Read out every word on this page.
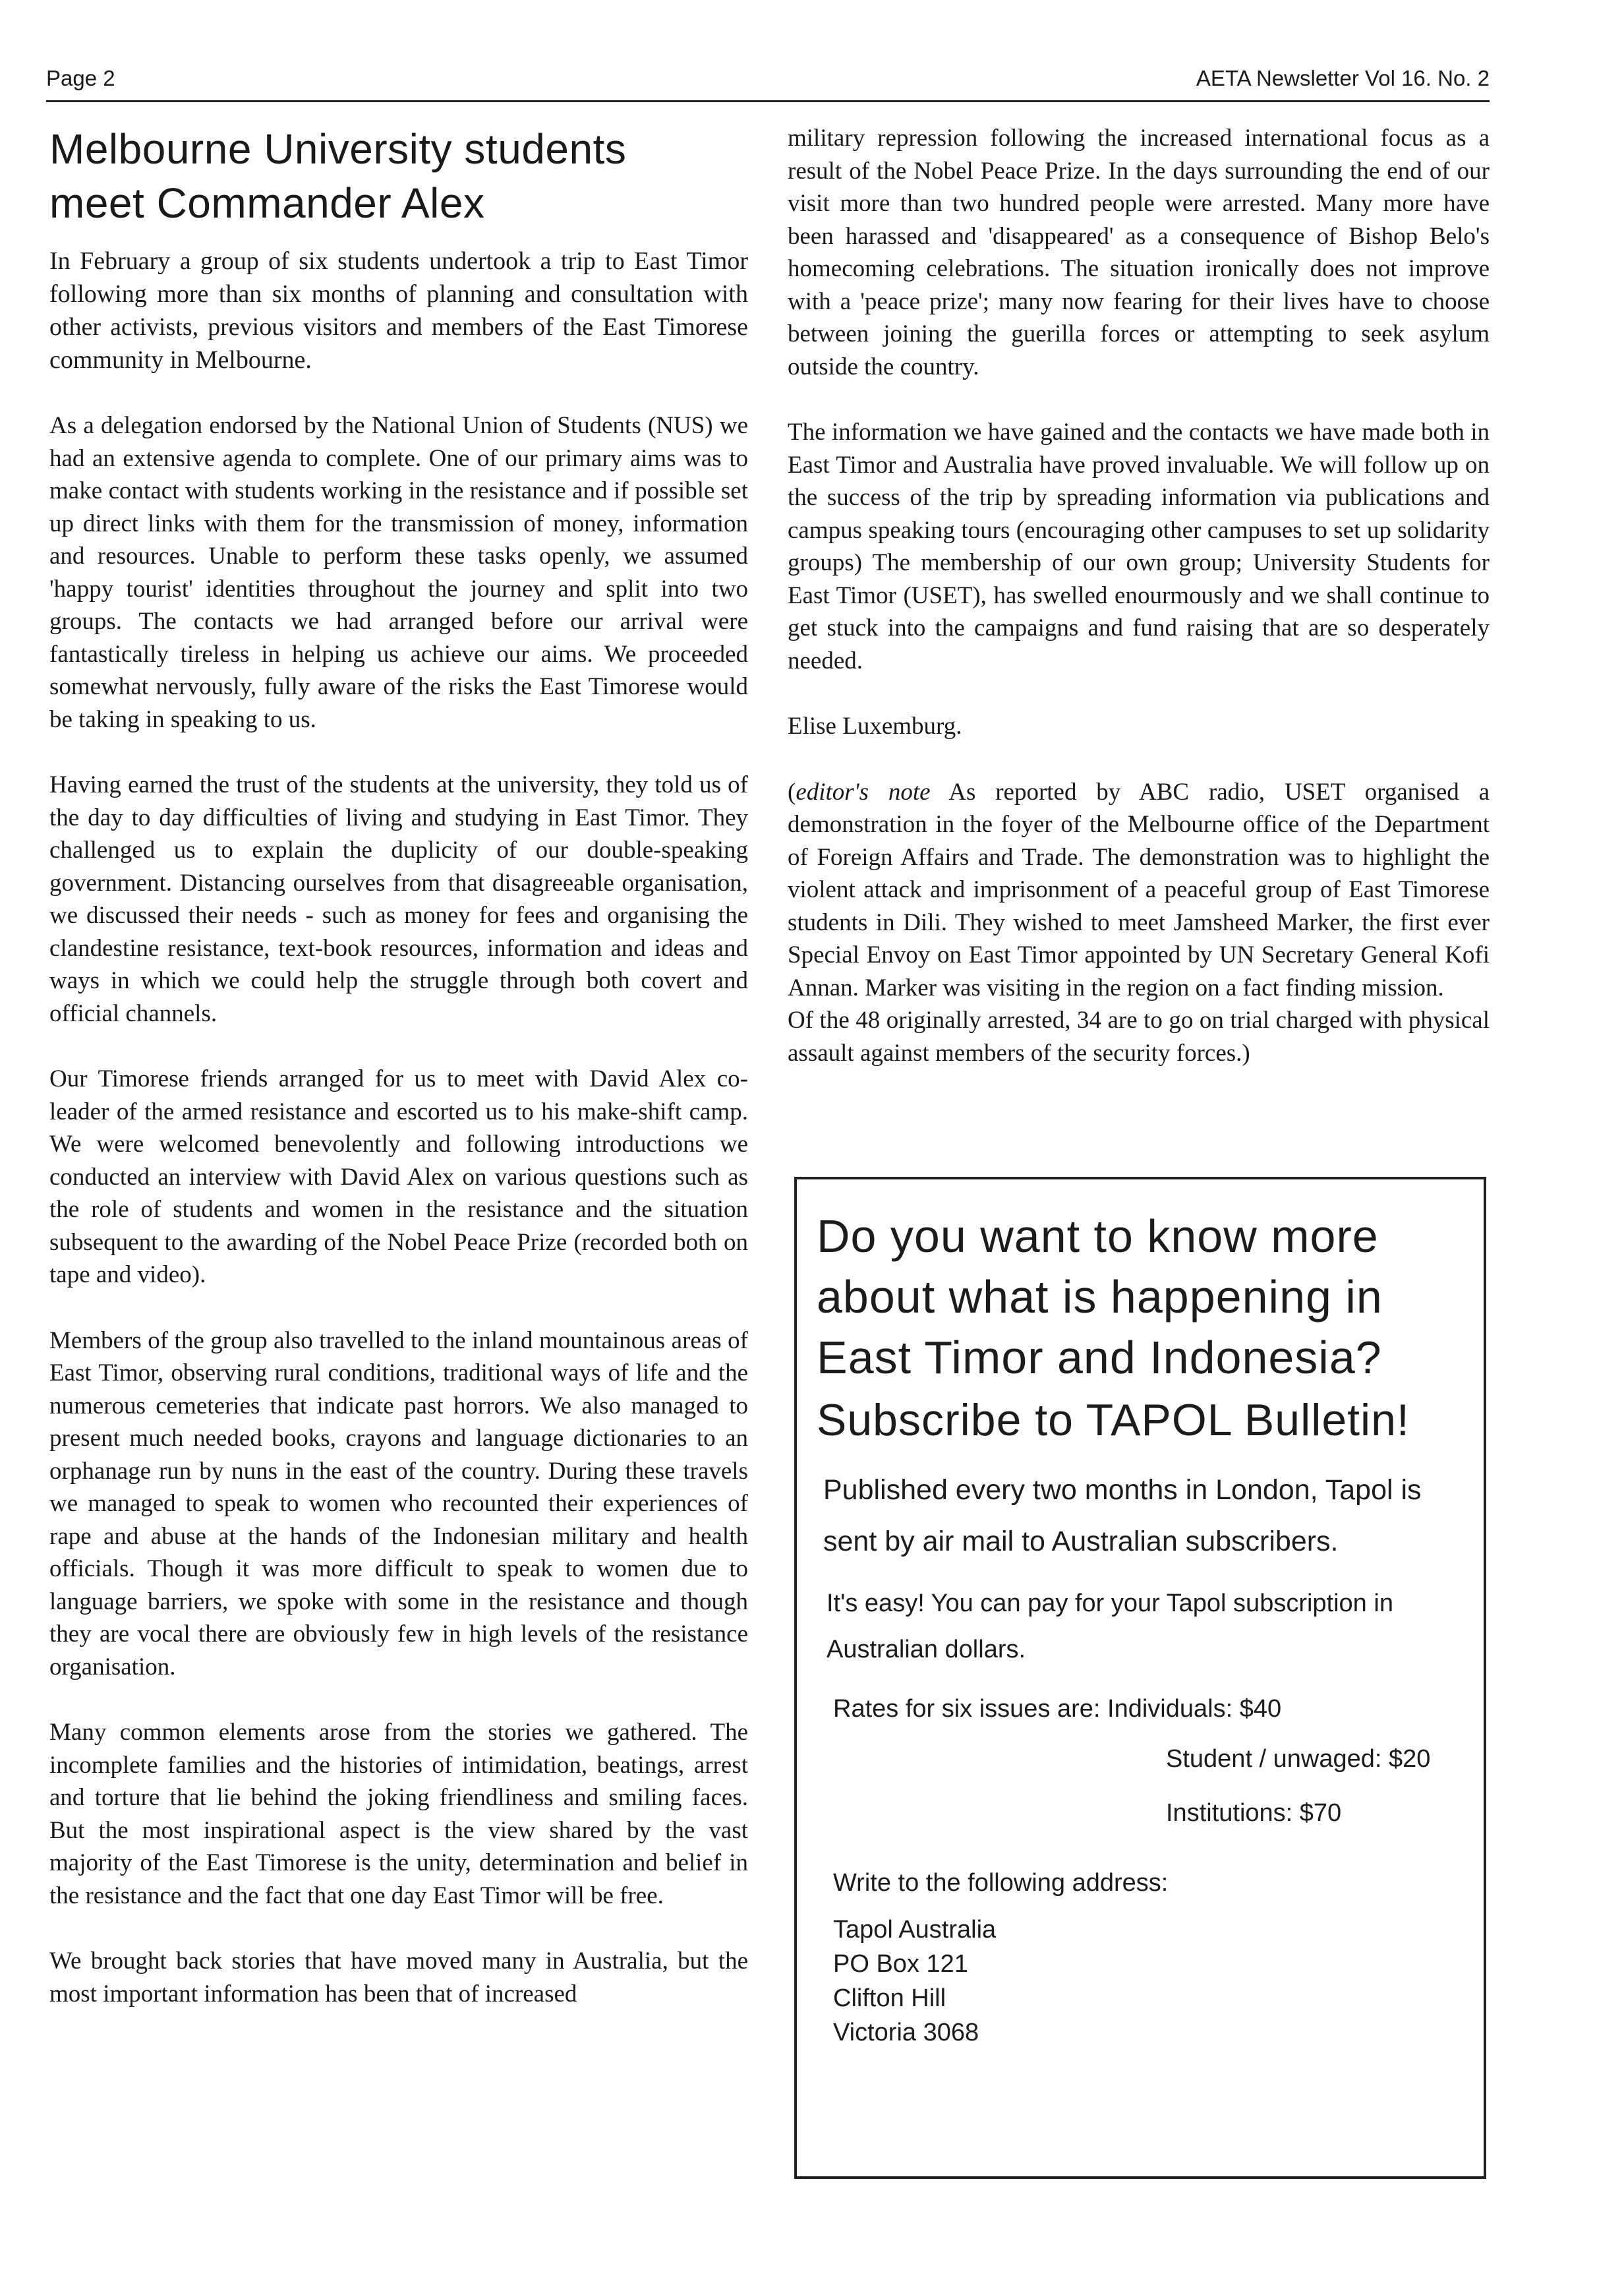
Page 2	AETA Newsletter Vol 16. No. 2
Melbourne University students
meet Commander Alex

In February a group of six students undertook a trip to East Timor following more than six months of planning and consultation with other activists, previous visitors and members of the East Timorese community in Melbourne.

As a delegation endorsed by the National Union of Students (NUS) we had an extensive agenda to complete. One of our primary aims was to make contact with students working in the resistance and if possible set up direct links with them for the transmission of money, information and resources. Unable to perform these tasks openly, we assumed 'happy tourist' identities throughout the journey and split into two groups. The contacts we had arranged before our arrival were fantastically tireless in helping us achieve our aims. We proceeded somewhat nervously, fully aware of the risks the East Timorese would be taking in speaking to us.

Having earned the trust of the students at the university, they told us of the day to day difficulties of living and studying in East Timor. They challenged us to explain the duplicity of our double-speaking government. Distancing ourselves from that disagreeable organisation, we discussed their needs - such as money for fees and organising the clandestine resistance, text-book resources, information and ideas and ways in which we could help the struggle through both covert and official channels.

Our Timorese friends arranged for us to meet with David Alex co-leader of the armed resistance and escorted us to his make-shift camp. We were welcomed benevolently and following introductions we conducted an interview with David Alex on various questions such as the role of students and women in the resistance and the situation subsequent to the awarding of the Nobel Peace Prize (recorded both on tape and video).

Members of the group also travelled to the inland mountainous areas of East Timor, observing rural conditions, traditional ways of life and the numerous cemeteries that indicate past horrors. We also managed to present much needed books, crayons and language dictionaries to an orphanage run by nuns in the east of the country. During these travels we managed to speak to women who recounted their experiences of rape and abuse at the hands of the Indonesian military and health officials. Though it was more difficult to speak to women due to language barriers, we spoke with some in the resistance and though they are vocal there are obviously few in high levels of the resistance organisation.

Many common elements arose from the stories we gathered. The incomplete families and the histories of intimidation, beatings, arrest and torture that lie behind the joking friendliness and smiling faces. But the most inspirational aspect is the view shared by the vast majority of the East Timorese is the unity, determination and belief in the resistance and the fact that one day East Timor will be free.

We brought back stories that have moved many in Australia, but the most important information has been that of increased

military repression following the increased international focus as a result of the Nobel Peace Prize. In the days surrounding the end of our visit more than two hundred people were arrested. Many more have been harassed and 'disappeared' as a consequence of Bishop Belo's homecoming celebrations. The situation ironically does not improve with a 'peace prize'; many now fearing for their lives have to choose between joining the guerilla forces or attempting to seek asylum outside the country.

The information we have gained and the contacts we have made both in East Timor and Australia have proved invaluable. We will follow up on the success of the trip by spreading information via publications and campus speaking tours (encouraging other campuses to set up solidarity groups) The membership of our own group; University Students for East Timor (USET), has swelled enourmously and we shall continue to get stuck into the campaigns and fund raising that are so desperately needed.

Elise Luxemburg.

(editor's note As reported by ABC radio, USET organised a demonstration in the foyer of the Melbourne office of the Department of Foreign Affairs and Trade. The demonstration was to highlight the violent attack and imprisonment of a peaceful group of East Timorese students in Dili. They wished to meet Jamsheed Marker, the first ever Special Envoy on East Timor appointed by UN Secretary General Kofi Annan. Marker was visiting in the region on a fact finding mission.

Of the 48 originally arrested, 34 are to go on trial charged with physical assault against members of the security forces.)

Do you want to know more about what is happening in East Timor and Indonesia?

Subscribe to TAPOL Bulletin!

Published every two months in London, Tapol is sent by air mail to Australian subscribers.

It's easy! You can pay for your Tapol subscription in Australian dollars.

Rates for six issues are: Individuals: $40

Student / unwaged: $20

Institutions: $70

Write to the following address:

Tapol Australia
PO Box 121
Clifton Hill
Victoria 3068
